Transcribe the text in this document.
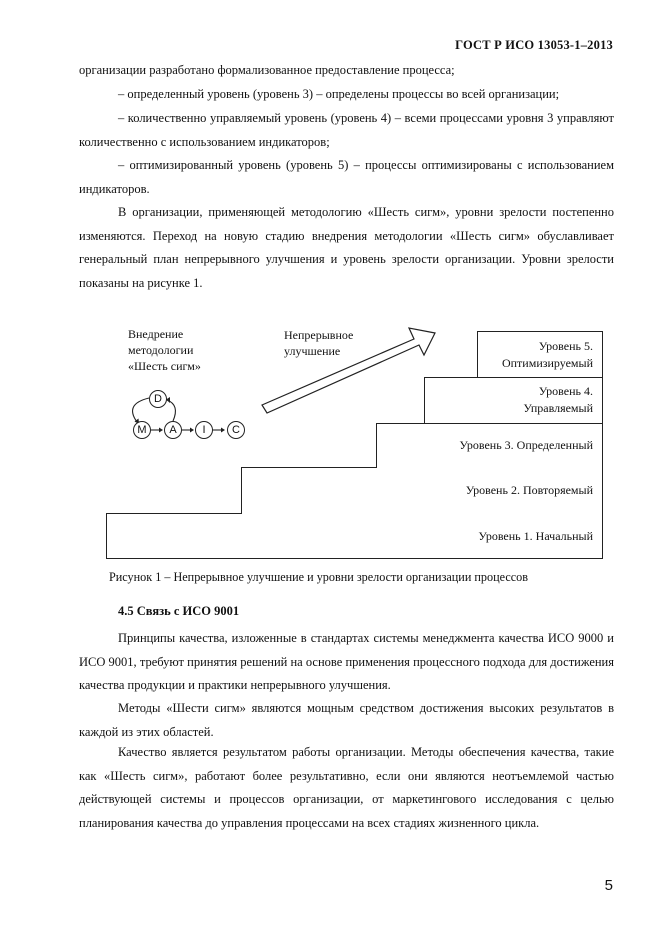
ГОСТ Р ИСО 13053-1–2013

организации разработано формализованное предоставление процесса;

– определенный уровень (уровень 3) – определены процессы во всей организации;

– количественно управляемый уровень (уровень 4) – всеми процессами уровня 3 управляют количественно с использованием индикаторов;

– оптимизированный уровень (уровень 5) – процессы оптимизированы с использованием индикаторов.

В организации, применяющей методологию «Шесть сигм», уровни зрелости постепенно изменяются. Переход на новую стадию внедрения методологии «Шесть сигм» обуславливает генеральный план непрерывного улучшения и уровень зрелости организации. Уровни зрелости показаны на рисунке 1.

Уровень 1. Начальный
Уровень 2. Повторяемый
Уровень 3. Определенный
Уровень 4.
Управляемый
Уровень 5.
Оптимизируемый
Внедрение
методологии
«Шесть сигм»
Непрерывное
улучшение
D
M	A	I	C
Рисунок 1 – Непрерывное улучшение и уровни зрелости организации процессов
4.5 Связь с ИСО 9001

Принципы качества, изложенные в стандартах системы менеджмента качества ИСО 9000 и ИСО 9001, требуют принятия решений на основе применения процессного подхода для достижения качества продукции и практики непрерывного улучшения.

Методы «Шести сигм» являются мощным средством достижения высоких результатов в каждой из этих областей.

Качество является результатом работы организации. Методы обеспечения качества, такие как «Шесть сигм», работают более результативно, если они являются неотъемлемой частью действующей системы и процессов организации, от маркетингового исследования с целью планирования качества до управления процессами на всех стадиях жизненного цикла.

5
